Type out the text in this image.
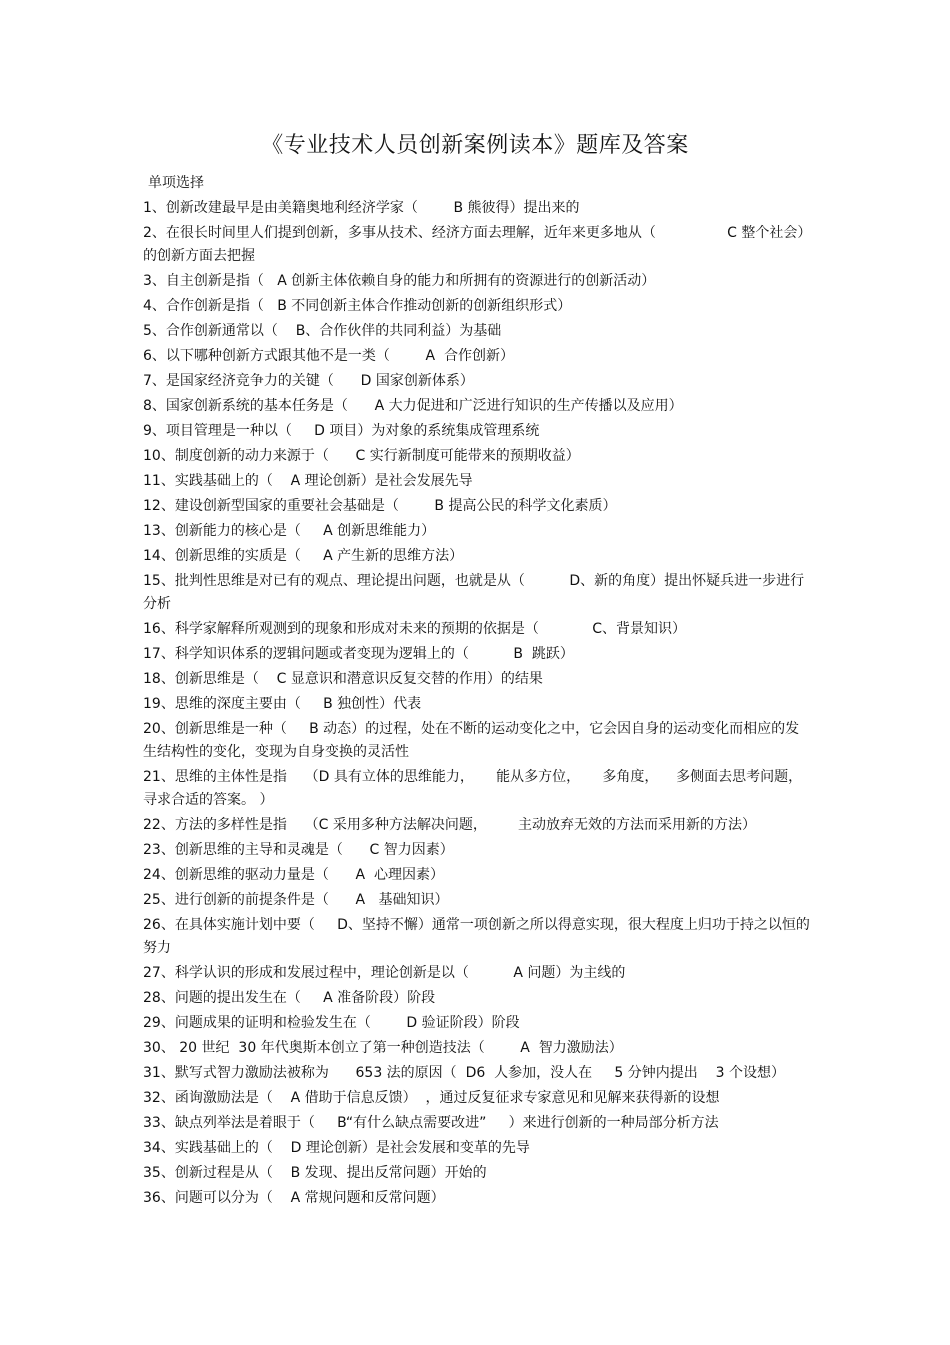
《专业技术人员创新案例读本》题库及答案
单项选择
1、创新改建最早是由美籍奥地利经济学家（        B 熊彼得）提出来的
2、在很长时间里人们提到创新，多事从技术、经济方面去理解，近年来更多地从（                C 整个社会）的创新方面去把握
3、自主创新是指（   A 创新主体依赖自身的能力和所拥有的资源进行的创新活动）
4、合作创新是指（   B 不同创新主体合作推动创新的创新组织形式）
5、合作创新通常以（    B、合作伙伴的共同利益）为基础
6、以下哪种创新方式跟其他不是一类（        A  合作创新）
7、是国家经济竞争力的关键（      D 国家创新体系）
8、国家创新系统的基本任务是（      A 大力促进和广泛进行知识的生产传播以及应用）
9、项目管理是一种以（     D 项目）为对象的系统集成管理系统
10、制度创新的动力来源于（      C 实行新制度可能带来的预期收益）
11、实践基础上的（    A 理论创新）是社会发展先导
12、建设创新型国家的重要社会基础是（        B 提高公民的科学文化素质）
13、创新能力的核心是（     A 创新思维能力）
14、创新思维的实质是（     A 产生新的思维方法）
15、批判性思维是对已有的观点、理论提出问题，也就是从（          D、新的角度）提出怀疑兵进一步进行分析
16、科学家解释所观测到的现象和形成对未来的预期的依据是（            C、背景知识）
17、科学知识体系的逻辑问题或者变现为逻辑上的（          B  跳跃）
18、创新思维是（    C 显意识和潜意识反复交替的作用）的结果
19、思维的深度主要由（     B 独创性）代表
20、创新思维是一种（     B 动态）的过程，处在不断的运动变化之中，它会因自身的运动变化而相应的发生结构性的变化，变现为自身变换的灵活性
21、思维的主体性是指    （D 具有立体的思维能力，     能从多方位，     多角度，    多侧面去思考问题，寻求合适的答案。 ）
22、方法的多样性是指    （C 采用多种方法解决问题，       主动放弃无效的方法而采用新的方法）
23、创新思维的主导和灵魂是（      C 智力因素）
24、创新思维的驱动力量是（      A  心理因素）
25、进行创新的前提条件是（      A   基础知识）
26、在具体实施计划中要（     D、坚持不懈）通常一项创新之所以得意实现，很大程度上归功于持之以恒的努力
27、科学认识的形成和发展过程中，理论创新是以（          A 问题）为主线的
28、问题的提出发生在（     A 准备阶段）阶段
29、问题成果的证明和检验发生在（        D 验证阶段）阶段
30、 20 世纪  30 年代奥斯本创立了第一种创造技法（        A  智力激励法）
31、默写式智力激励法被称为      653 法的原因（  D6  人参加，没人在     5 分钟内提出    3 个设想）
32、函询激励法是（    A 借助于信息反馈）  ，通过反复征求专家意见和见解来获得新的设想
33、缺点列举法是着眼于（     B“有什么缺点需要改进”     ）来进行创新的一种局部分析方法
34、实践基础上的（    D 理论创新）是社会发展和变革的先导
35、创新过程是从（    B 发现、提出反常问题）开始的
36、问题可以分为（    A 常规问题和反常问题）
